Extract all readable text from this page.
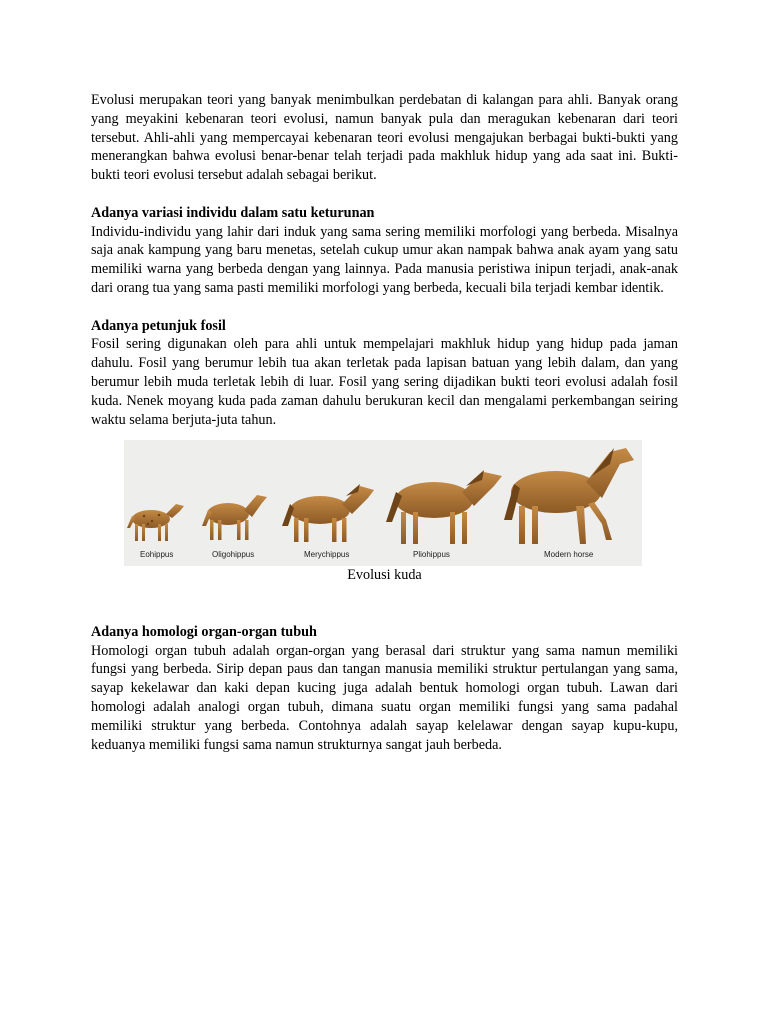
Evolusi merupakan teori yang banyak menimbulkan perdebatan di kalangan para ahli. Banyak orang yang meyakini kebenaran teori evolusi, namun banyak pula dan meragukan kebenaran dari teori tersebut. Ahli-ahli yang mempercayai kebenaran teori evolusi mengajukan berbagai bukti-bukti yang menerangkan bahwa evolusi benar-benar telah terjadi pada makhluk hidup yang ada saat ini. Bukti-bukti teori evolusi tersebut adalah sebagai berikut.

Adanya variasi individu dalam satu keturunan

Individu-individu yang lahir dari induk yang sama sering memiliki morfologi yang berbeda. Misalnya saja anak kampung yang baru menetas, setelah cukup umur akan nampak bahwa anak ayam yang satu memiliki warna yang berbeda dengan yang lainnya. Pada manusia peristiwa inipun terjadi, anak-anak dari orang tua yang sama pasti memiliki morfologi yang berbeda, kecuali bila terjadi kembar identik.

Adanya petunjuk fosil

Fosil sering digunakan oleh para ahli untuk mempelajari makhluk hidup yang hidup pada jaman dahulu. Fosil yang berumur lebih tua akan terletak pada lapisan batuan yang lebih dalam, dan yang berumur lebih muda terletak lebih di luar. Fosil yang sering dijadikan bukti teori evolusi adalah fosil kuda. Nenek moyang kuda pada zaman dahulu berukuran kecil dan mengalami perkembangan seiring waktu selama berjuta-juta tahun.

Eohippus	Oligohippus	Merychippus	Pliohippus	Modern horse

Evolusi kuda

Adanya homologi organ-organ tubuh

Homologi organ tubuh adalah organ-organ yang berasal dari struktur yang sama namun memiliki fungsi yang berbeda. Sirip depan paus dan tangan manusia memiliki struktur pertulangan yang sama, sayap kekelawar dan kaki depan kucing juga adalah bentuk homologi organ tubuh. Lawan dari homologi adalah analogi organ tubuh, dimana suatu organ memiliki fungsi yang sama padahal memiliki struktur yang berbeda. Contohnya adalah sayap kelelawar dengan sayap kupu-kupu, keduanya memiliki fungsi sama namun strukturnya sangat jauh berbeda.
